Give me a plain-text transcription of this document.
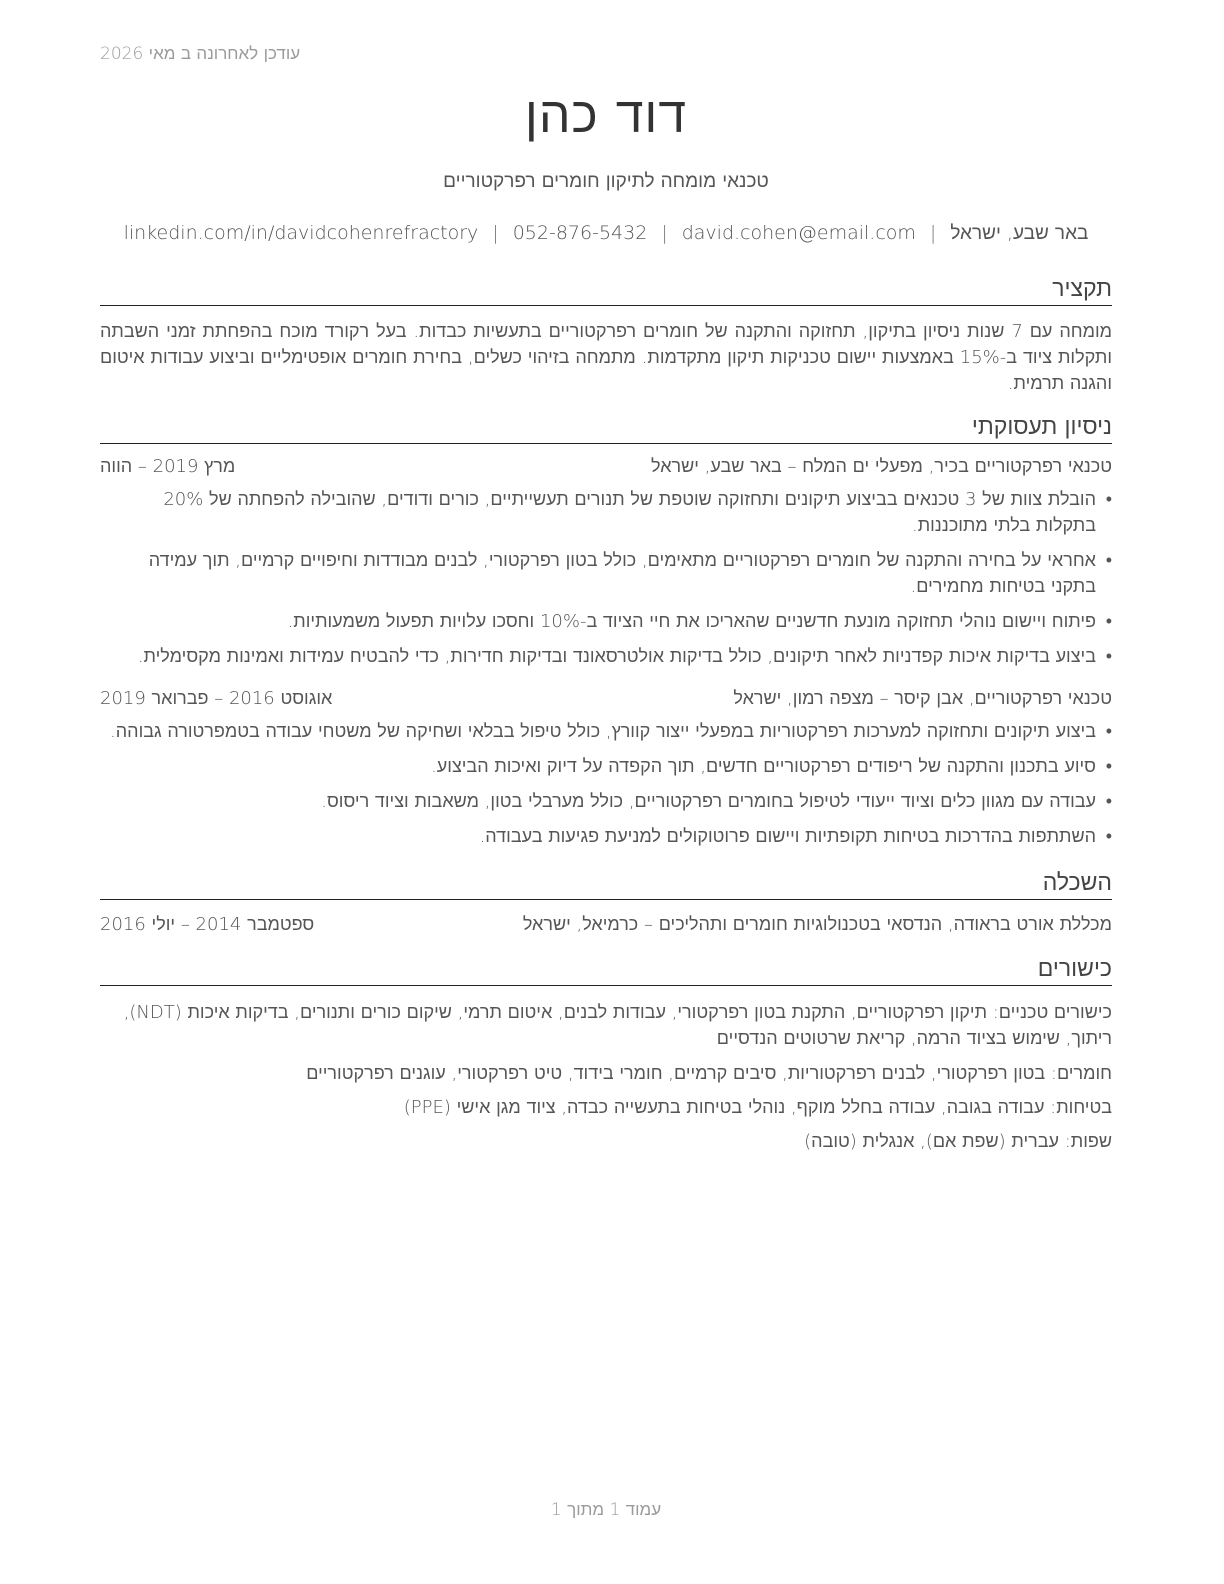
עודכן לאחרונה ב מאי 2026
דוד כהן
טכנאי מומחה לתיקון חומרים רפרקטוריים
באר שבע, ישראל|david.cohen@email.com|052-876-5432|linkedin.com/in/davidcohenrefractory
תקציר
מומחה עם 7 שנות ניסיון בתיקון, תחזוקה והתקנה של חומרים רפרקטוריים בתעשיות כבדות. בעל רקורד מוכח בהפחתת זמני השבתה ותקלות ציוד ב-15% באמצעות יישום טכניקות תיקון מתקדמות. מתמחה בזיהוי כשלים, בחירת חומרים אופטימליים וביצוע עבודות איטום והגנה תרמית.
ניסיון תעסוקתי
טכנאי רפרקטוריים בכיר, מפעלי ים המלח – באר שבע, ישראל
מרץ 2019 – הווה
• הובלת צוות של 3 טכנאים בביצוע תיקונים ותחזוקה שוטפת של תנורים תעשייתיים, כורים ודודים, שהובילה להפחתה של 20% בתקלות בלתי מתוכננות.
• אחראי על בחירה והתקנה של חומרים רפרקטוריים מתאימים, כולל בטון רפרקטורי, לבנים מבודדות וחיפויים קרמיים, תוך עמידה בתקני בטיחות מחמירים.
• פיתוח ויישום נוהלי תחזוקה מונעת חדשניים שהאריכו את חיי הציוד ב-10% וחסכו עלויות תפעול משמעותיות.
• ביצוע בדיקות איכות קפדניות לאחר תיקונים, כולל בדיקות אולטרסאונד ובדיקות חדירות, כדי להבטיח עמידות ואמינות מקסימלית.
טכנאי רפרקטוריים, אבן קיסר – מצפה רמון, ישראל
אוגוסט 2016 – פברואר 2019
• ביצוע תיקונים ותחזוקה למערכות רפרקטוריות במפעלי ייצור קוורץ, כולל טיפול בבלאי ושחיקה של משטחי עבודה בטמפרטורה גבוהה.
• סיוע בתכנון והתקנה של ריפודים רפרקטוריים חדשים, תוך הקפדה על דיוק ואיכות הביצוע.
• עבודה עם מגוון כלים וציוד ייעודי לטיפול בחומרים רפרקטוריים, כולל מערבלי בטון, משאבות וציוד ריסוס.
• השתתפות בהדרכות בטיחות תקופתיות ויישום פרוטוקולים למניעת פגיעות בעבודה.
השכלה
מכללת אורט בראודה, הנדסאי בטכנולוגיות חומרים ותהליכים – כרמיאל, ישראל
ספטמבר 2014 – יולי 2016
כישורים
כישורים טכניים: תיקון רפרקטוריים, התקנת בטון רפרקטורי, עבודות לבנים, איטום תרמי, שיקום כורים ותנורים, בדיקות איכות (NDT), ריתוך, שימוש בציוד הרמה, קריאת שרטוטים הנדסיים
חומרים: בטון רפרקטורי, לבנים רפרקטוריות, סיבים קרמיים, חומרי בידוד, טיט רפרקטורי, עוגנים רפרקטוריים
בטיחות: עבודה בגובה, עבודה בחלל מוקף, נוהלי בטיחות בתעשייה כבדה, ציוד מגן אישי (PPE)
שפות: עברית (שפת אם), אנגלית (טובה)
עמוד 1 מתוך 1
